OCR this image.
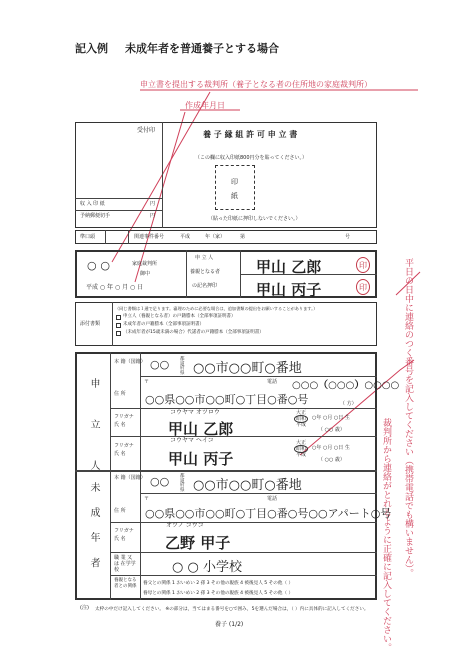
記入例 未成年者を普通養子とする場合
申立書を提出する裁判所（養子となる者の住所地の家庭裁判所）
作成年月日
平日の日中に連絡のつく番号を記入してください（携帯電話でも構いません）。
裁判所から連絡がとれるように正確に記入してください。
受付印
収 入 印 紙	円
予納郵便切手	円
養 子 縁 組 許 可 申 立 書
（この欄に収入印紙800円分を貼ってください。）
印
紙
（貼った印紙に押印しないでください。）
準口頭	関連事件番号	平成	年（家）	第	号
○ ○	家庭裁判所
御中
平成 ○ 年 ○ 月 ○ 日
申 立 人
養親となる者
の記名押印
甲山 乙郎
甲山 丙子
印
印
添付書類
（同じ書類は１通で足ります。審理のために必要な場合は，追加書類の提出をお願いすることがあります。）
申立人（養親となる者）の戸籍謄本（全部事項証明書）
未成年者の戸籍謄本（全部事項証明書）
（未成年者が15歳未満の場合）代諾者の戸籍謄本（全部事項証明書）
申 立 人
本 籍（国籍） ○○ 都 道 府 県 ○○市○○町○番地
〒	電話 ○○○（○○○）○○○○
住 所 ○○県○○市○○町○丁目○番○号	（ 方）
フリガナ 氏 名
コウヤマ オツロウ
甲山 乙郎
大正 昭和 平成
○年 ○月 ○日 生
（ ○○ 歳）
フリガナ 氏 名
コウヤマ ヘイコ
甲山 丙子
大正 昭和 平成
○年 ○月 ○日 生
（ ○○ 歳）
未 成 年 者
本 籍（国籍） ○○ 都 道 府 県 ○○市○○町○番地
〒	電話
住 所 ○○県○○市○○町○丁目○番○号○○アパート○号
フリガナ 氏 名
オツノ コウコ
乙野 甲子
職 業 又 は 在学学校	○ ○ 小学校
養親となる者との関係
養父との関係 1 おいめい 2 孫 3 その他の親族 4 被後見人 5 その他（ ）
養母との関係 1 おいめい 2 孫 3 その他の親族 4 被後見人 5 その他（ ）
(注) 太枠の中だけ記入してください。 ※の部分は，当てはまる番号を○で囲み，5を選んだ場合は，（ ）内に具体的に記入してください。
養子 (1/2)
